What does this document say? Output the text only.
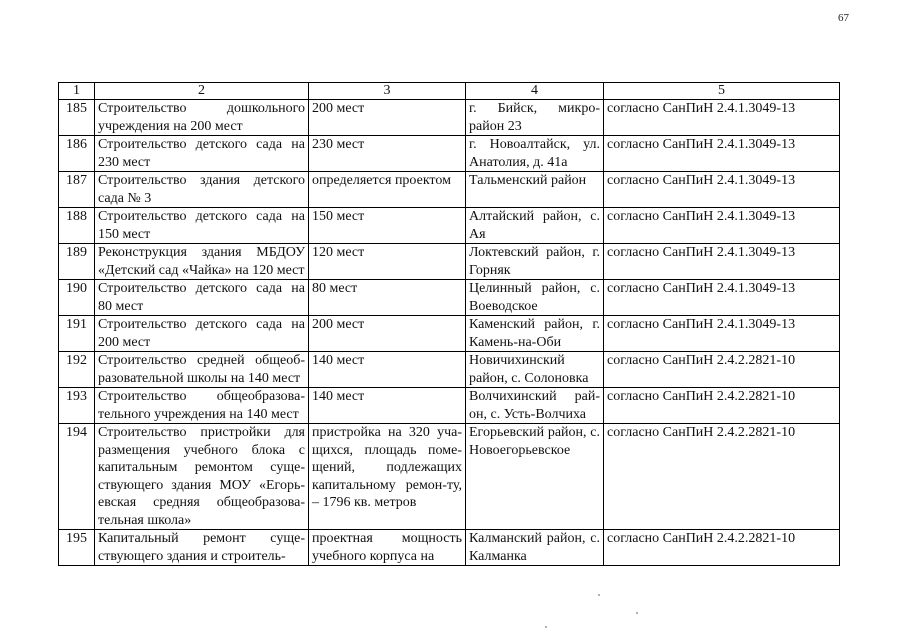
67
1	2	3	4	5
185	Строительство дошкольного учреждения на 200 мест	200 мест	г. Бийск, микро-район 23	согласно СанПиН 2.4.1.3049-13
186	Строительство детского сада на 230 мест	230 мест	г. Новоалтайск, ул. Анатолия, д. 41а	согласно СанПиН 2.4.1.3049-13
187	Строительство здания детского сада № 3	определяется проектом	Тальменский район	согласно СанПиН 2.4.1.3049-13
188	Строительство детского сада на 150 мест	150 мест	Алтайский район, с. Ая	согласно СанПиН 2.4.1.3049-13
189	Реконструкция здания МБДОУ «Детский сад «Чайка» на 120 мест	120 мест	Локтевский район, г. Горняк	согласно СанПиН 2.4.1.3049-13
190	Строительство детского сада на 80 мест	80 мест	Целинный район, с. Воеводское	согласно СанПиН 2.4.1.3049-13
191	Строительство детского сада на 200 мест	200 мест	Каменский район, г. Камень-на-Оби	согласно СанПиН 2.4.1.3049-13
192	Строительство средней общеоб-разовательной школы на 140 мест	140 мест	Новичихинский район, с. Солоновка	согласно СанПиН 2.4.2.2821-10
193	Строительство общеобразова-тельного учреждения на 140 мест	140 мест	Волчихинский рай-он, с. Усть-Волчиха	согласно СанПиН 2.4.2.2821-10
194	Строительство пристройки для размещения учебного блока с капитальным ремонтом суще-ствующего здания МОУ «Егорь-евская средняя общеобразова-тельная школа»	пристройка на 320 уча-щихся, площадь поме-щений, подлежащих капитальному ремон-ту, – 1796 кв. метров	Егорьевский район, с. Новоегорьевское	согласно СанПиН 2.4.2.2821-10
195	Капитальный ремонт суще-ствующего здания и строитель-	проектная мощность учебного корпуса на	Калманский район, с. Калманка	согласно СанПиН 2.4.2.2821-10
